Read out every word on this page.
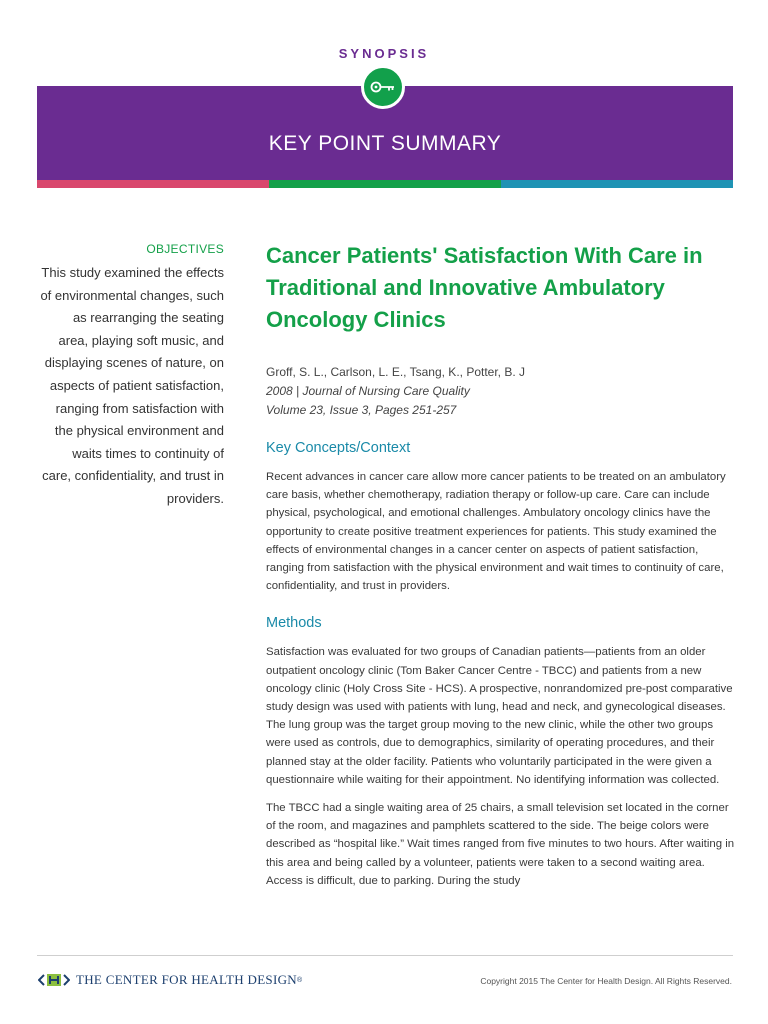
SYNOPSIS
KEY POINT SUMMARY
OBJECTIVES
This study examined the effects of environmental changes, such as rearranging the seating area, playing soft music, and displaying scenes of nature, on aspects of patient satisfaction, ranging from satisfaction with the physical environment and waits times to continuity of care, confidentiality, and trust in providers.
Cancer Patients' Satisfaction With Care in Traditional and Innovative Ambulatory Oncology Clinics
Groff, S. L., Carlson, L. E., Tsang, K., Potter, B. J
2008 | Journal of Nursing Care Quality
Volume 23, Issue 3, Pages 251-257
Key Concepts/Context

Recent advances in cancer care allow more cancer patients to be treated on an ambulatory care basis, whether chemotherapy, radiation therapy or follow-up care. Care can include physical, psychological, and emotional challenges. Ambulatory oncology clinics have the opportunity to create positive treatment experiences for patients. This study examined the effects of environmental changes in a cancer center on aspects of patient satisfaction, ranging from satisfaction with the physical environment and wait times to continuity of care, confidentiality, and trust in providers.

Methods

Satisfaction was evaluated for two groups of Canadian patients—patients from an older outpatient oncology clinic (Tom Baker Cancer Centre - TBCC) and patients from a new oncology clinic (Holy Cross Site - HCS). A prospective, nonrandomized pre-post comparative study design was used with patients with lung, head and neck, and gynecological diseases. The lung group was the target group moving to the new clinic, while the other two groups were used as controls, due to demographics, similarity of operating procedures, and their planned stay at the older facility. Patients who voluntarily participated in the were given a questionnaire while waiting for their appointment. No identifying information was collected.

The TBCC had a single waiting area of 25 chairs, a small television set located in the corner of the room, and magazines and pamphlets scattered to the side. The beige colors were described as “hospital like.” Wait times ranged from five minutes to two hours. After waiting in this area and being called by a volunteer, patients were taken to a second waiting area. Access is difficult, due to parking. During the study

THE CENTER FOR HEALTH DESIGN ®	Copyright 2015 The Center for Health Design. All Rights Reserved.
